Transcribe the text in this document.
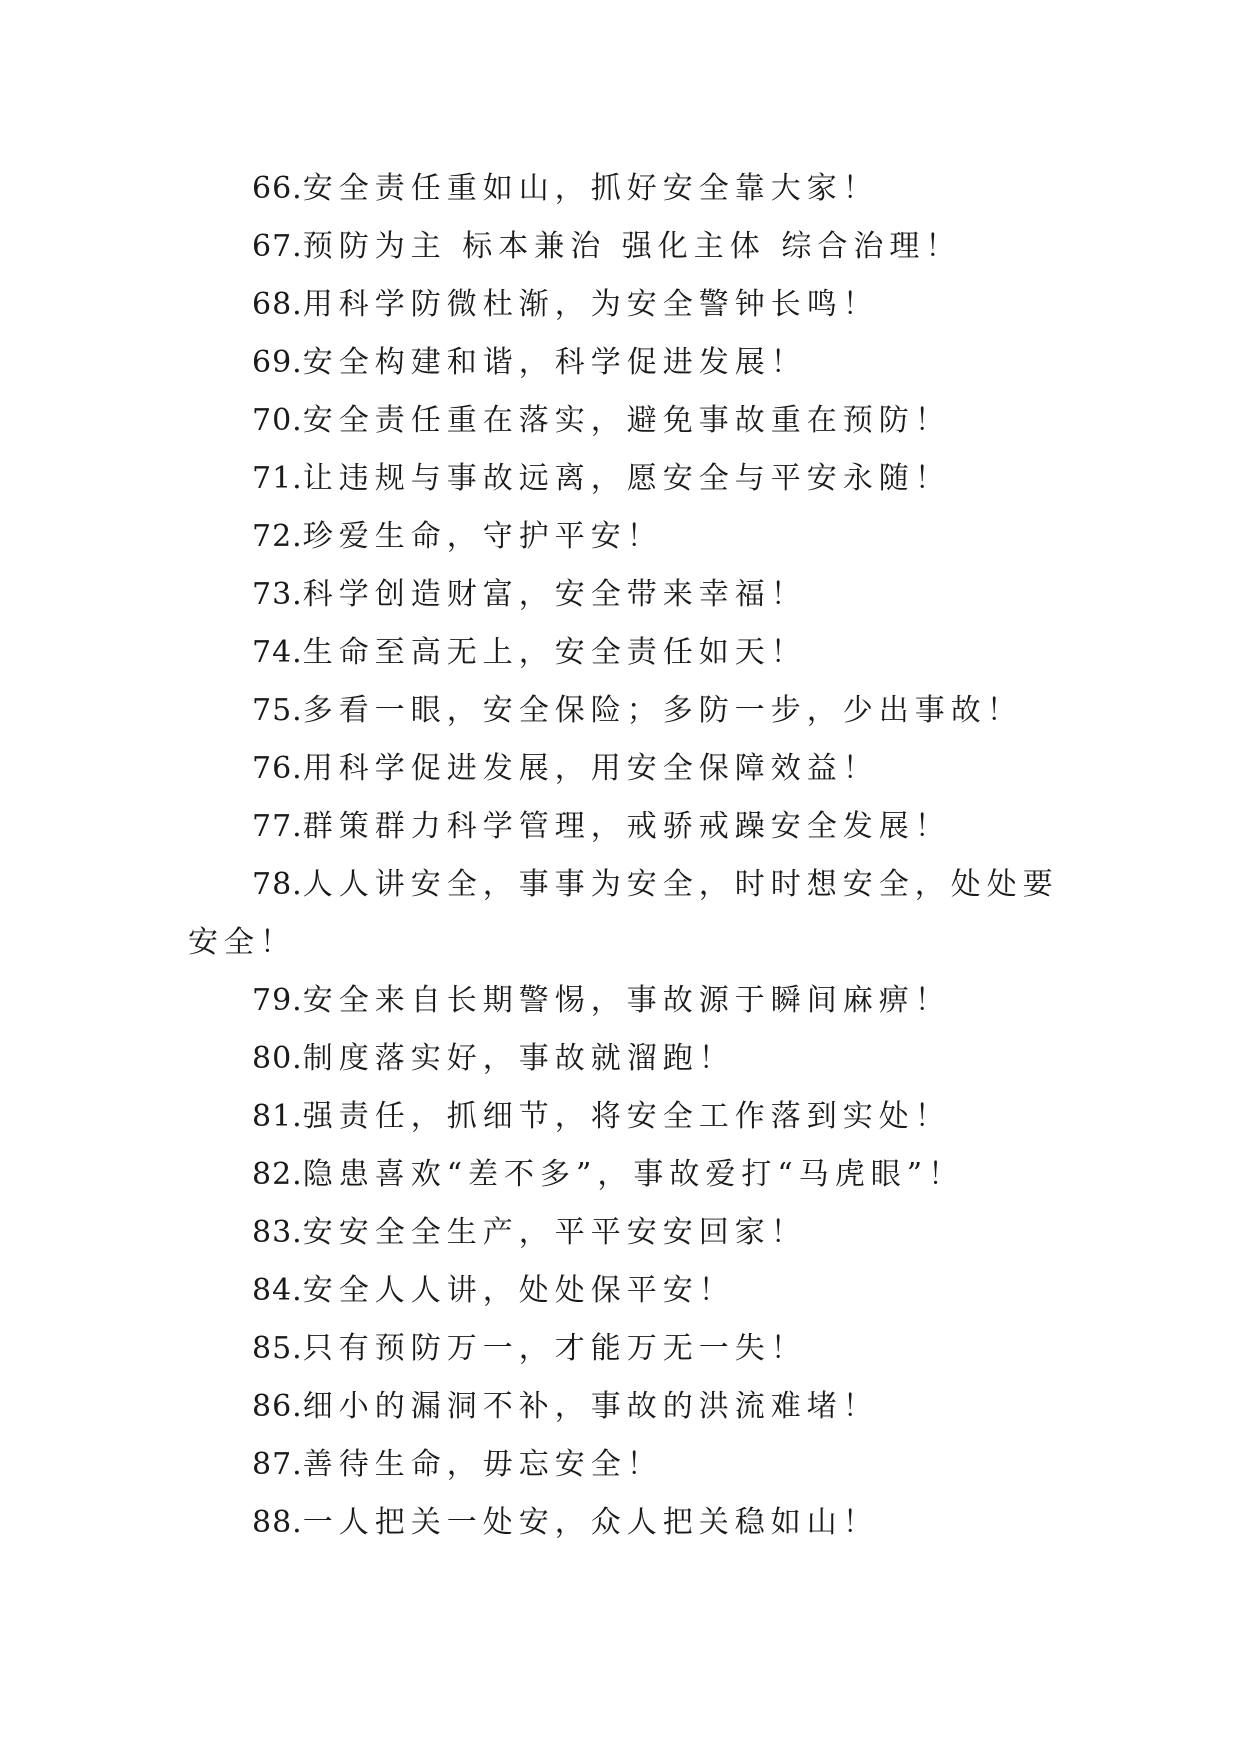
66.安全责任重如山，抓好安全靠大家！
67.预防为主 标本兼治 强化主体 综合治理！
68.用科学防微杜渐，为安全警钟长鸣！
69.安全构建和谐，科学促进发展！
70.安全责任重在落实，避免事故重在预防！
71.让违规与事故远离，愿安全与平安永随！
72.珍爱生命，守护平安！
73.科学创造财富，安全带来幸福！
74.生命至高无上，安全责任如天！
75.多看一眼，安全保险；多防一步，少出事故！
76.用科学促进发展，用安全保障效益！
77.群策群力科学管理，戒骄戒躁安全发展！
78.人人讲安全，事事为安全，时时想安全，处处要安全！
79.安全来自长期警惕，事故源于瞬间麻痹！
80.制度落实好，事故就溜跑！
81.强责任，抓细节，将安全工作落到实处！
82.隐患喜欢“差不多”，事故爱打“马虎眼”！
83.安安全全生产，平平安安回家！
84.安全人人讲，处处保平安！
85.只有预防万一，才能万无一失！
86.细小的漏洞不补，事故的洪流难堵！
87.善待生命，毋忘安全！
88.一人把关一处安，众人把关稳如山！
